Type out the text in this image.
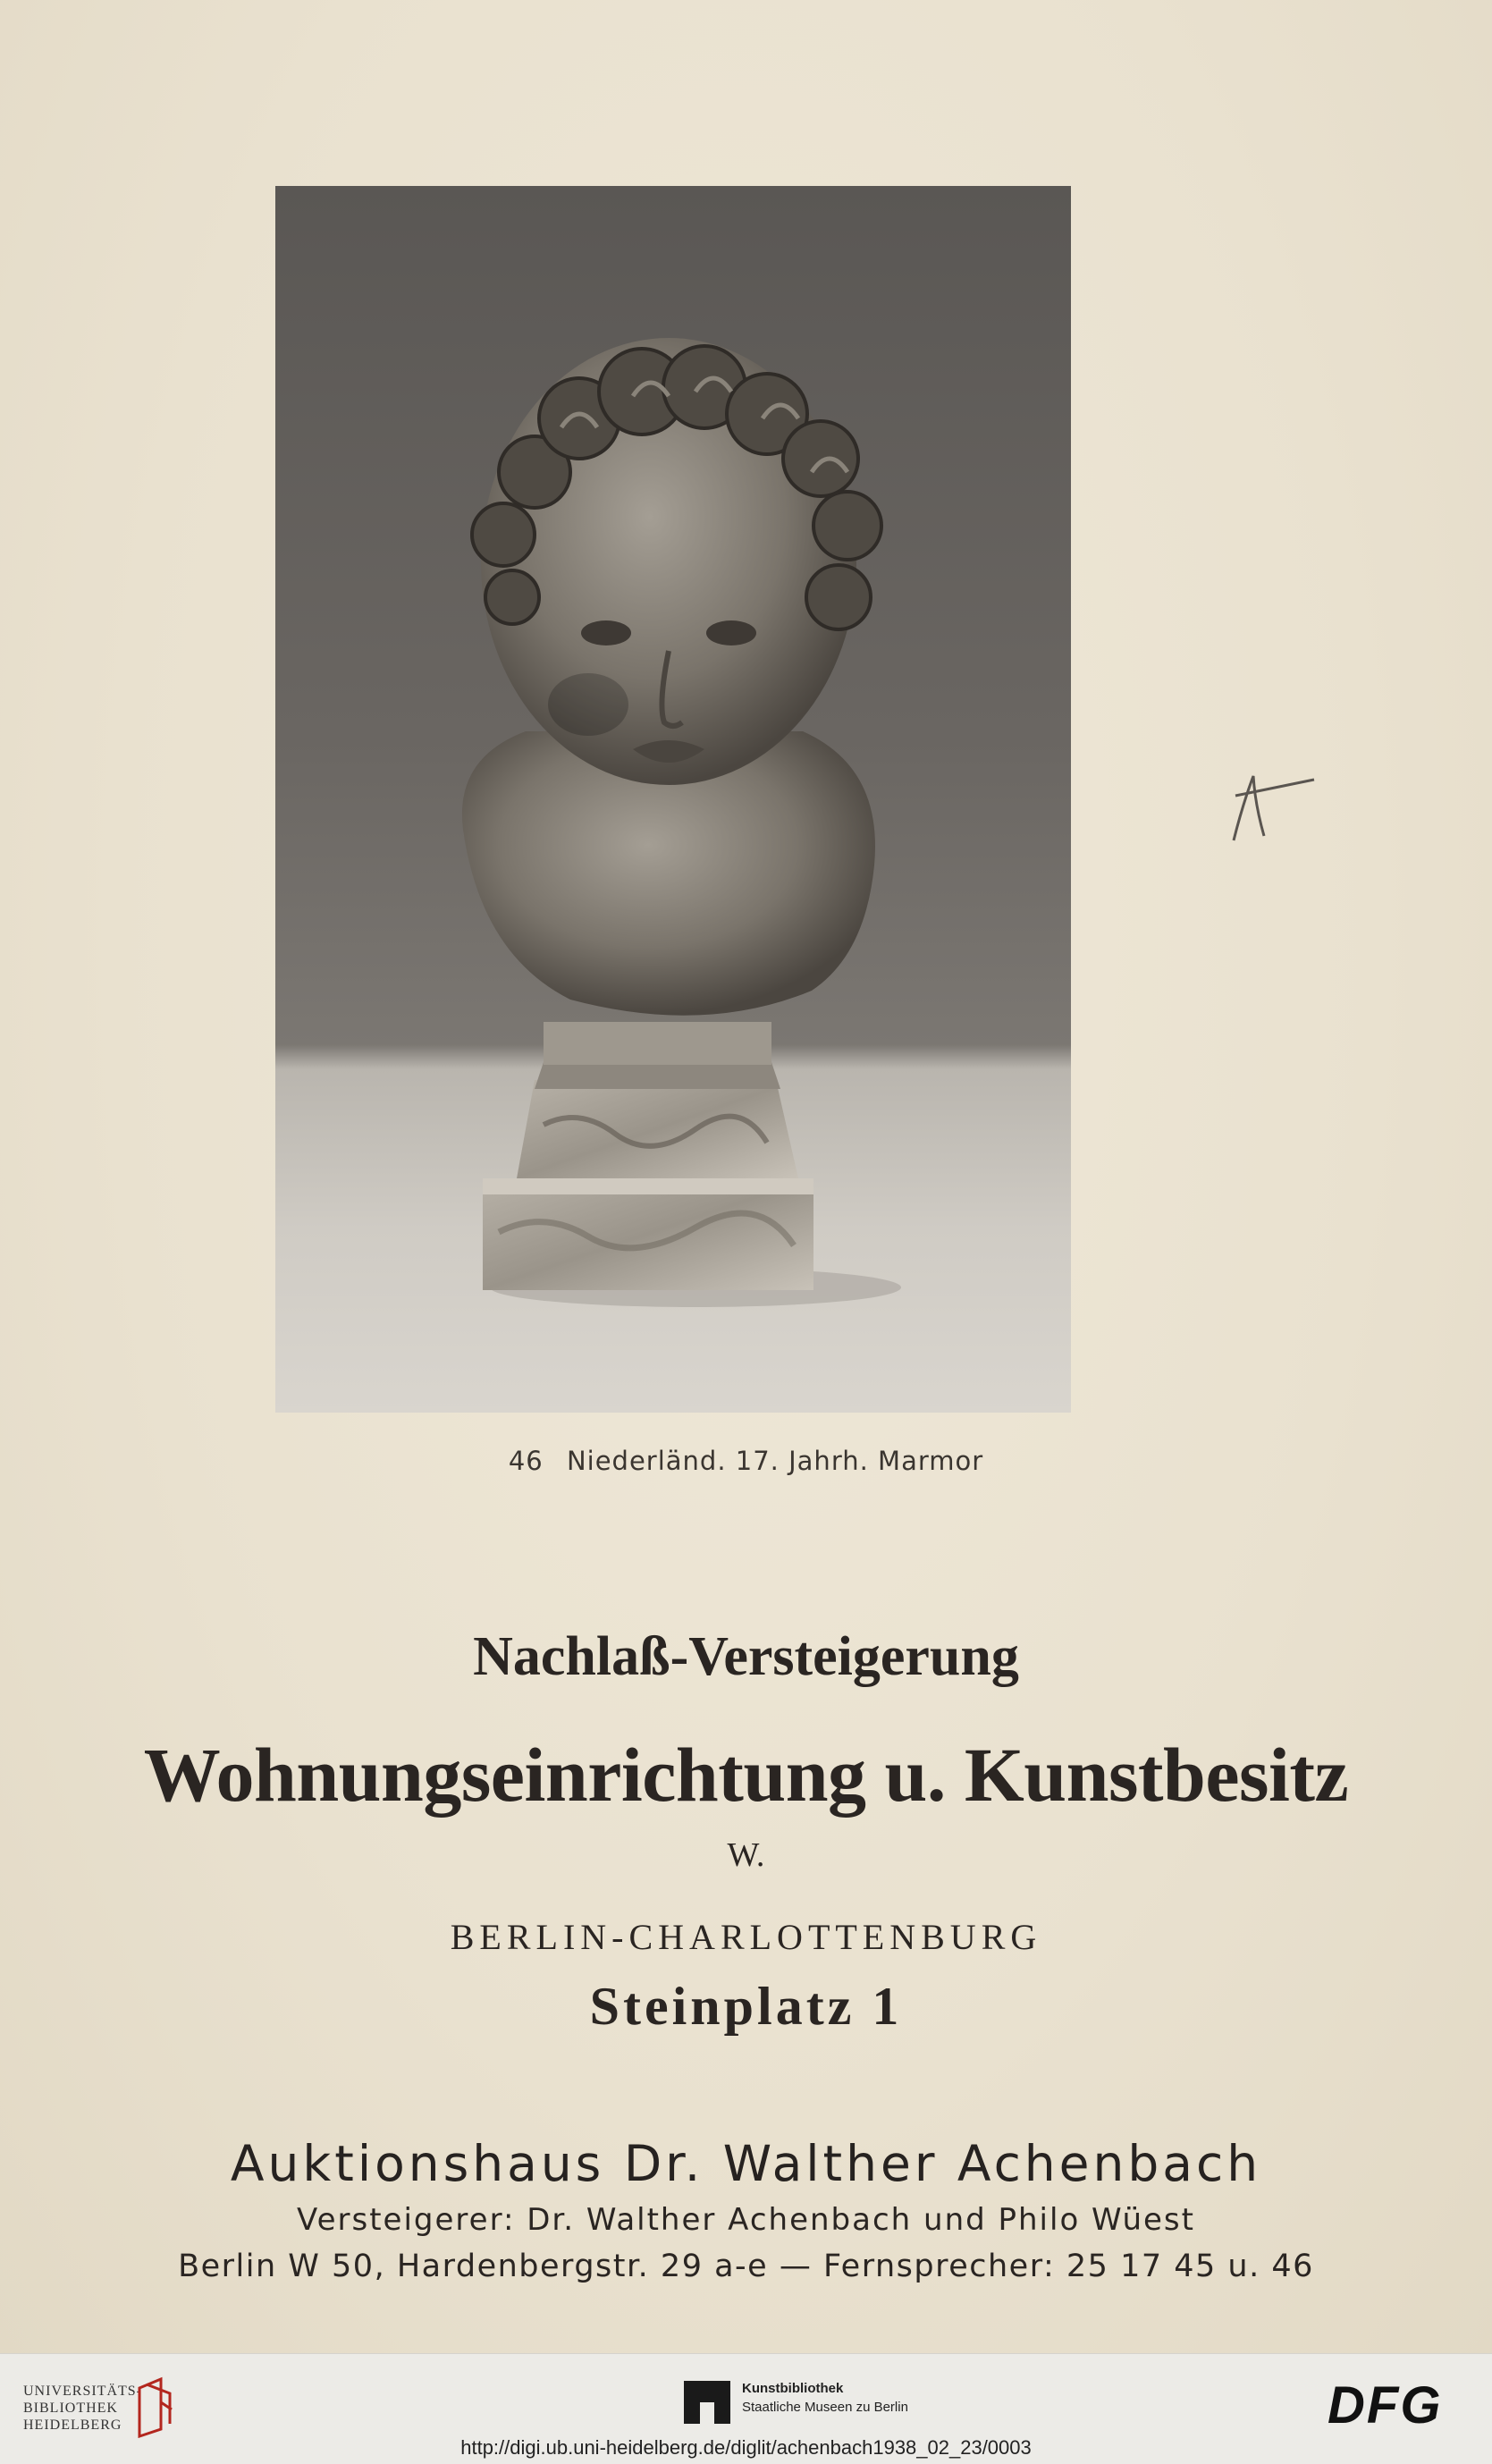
46 Niederländ. 17. Jahrh. Marmor
Nachlaß-Versteigerung
Wohnungseinrichtung u. Kunstbesitz
W.
BERLIN-CHARLOTTENBURG
Steinplatz 1
Auktionshaus Dr. Walther Achenbach
Versteigerer: Dr. Walther Achenbach und Philo Wüest
Berlin W 50, Hardenbergstr. 29 a-e — Fernsprecher: 25 17 45 u. 46
UNIVERSITÄTS-
BIBLIOTHEK
HEIDELBERG
Kunstbibliothek
Staatliche Museen zu Berlin	DFG
http://digi.ub.uni-heidelberg.de/diglit/achenbach1938_02_23/0003
